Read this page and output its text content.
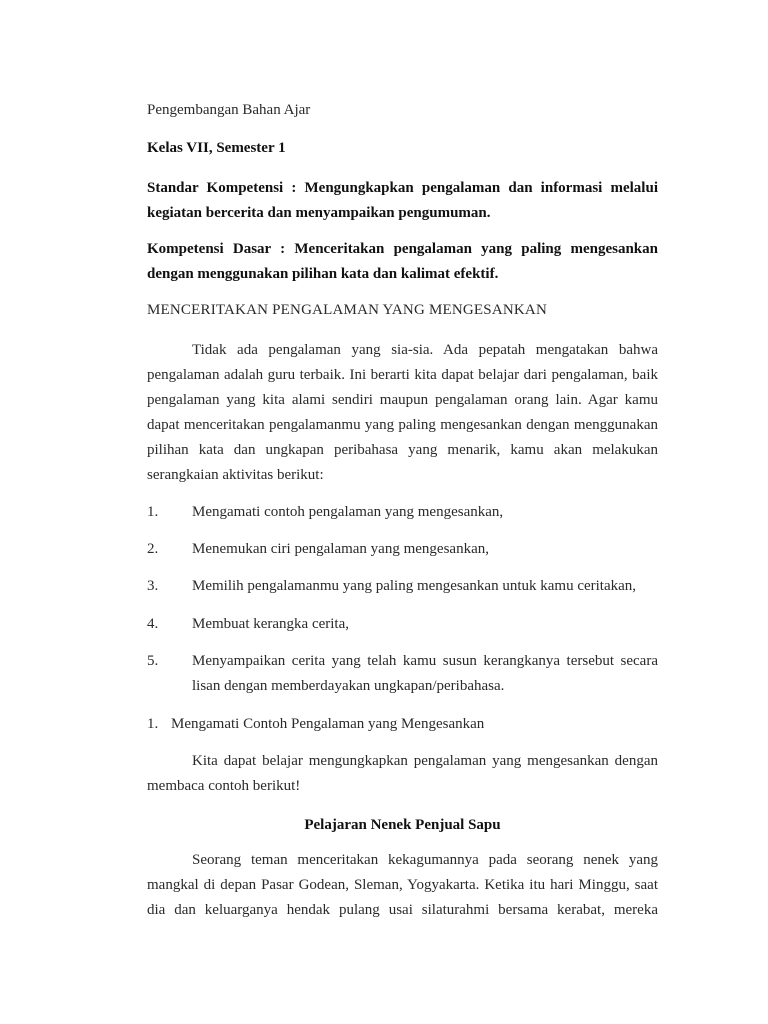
Pengembangan Bahan Ajar

Kelas VII, Semester 1

Standar Kompetensi : Mengungkapkan pengalaman dan informasi melalui kegiatan bercerita dan menyampaikan pengumuman.

Kompetensi Dasar : Menceritakan pengalaman yang paling mengesankan dengan menggunakan pilihan kata dan kalimat efektif.

MENCERITAKAN PENGALAMAN YANG MENGESANKAN

Tidak ada pengalaman yang sia-sia. Ada pepatah mengatakan bahwa pengalaman adalah guru terbaik. Ini berarti kita dapat belajar dari pengalaman, baik pengalaman yang kita alami sendiri maupun pengalaman orang lain. Agar kamu dapat menceritakan pengalamanmu yang paling mengesankan dengan menggunakan pilihan kata dan ungkapan peribahasa yang menarik, kamu akan melakukan serangkaian aktivitas berikut:

1. Mengamati contoh pengalaman yang mengesankan,
2. Menemukan ciri pengalaman yang mengesankan,
3. Memilih pengalamanmu yang paling mengesankan untuk kamu ceritakan,
4. Membuat kerangka cerita,
5. Menyampaikan cerita yang telah kamu susun kerangkanya tersebut secara lisan dengan memberdayakan ungkapan/peribahasa.
1. Mengamati Contoh Pengalaman yang Mengesankan

Kita dapat belajar mengungkapkan pengalaman yang mengesankan dengan membaca contoh berikut!

Pelajaran Nenek Penjual Sapu

Seorang teman menceritakan kekagumannya pada seorang nenek yang mangkal di depan Pasar Godean, Sleman, Yogyakarta. Ketika itu hari Minggu, saat dia dan keluarganya hendak pulang usai silaturahmi bersama kerabat, mereka
